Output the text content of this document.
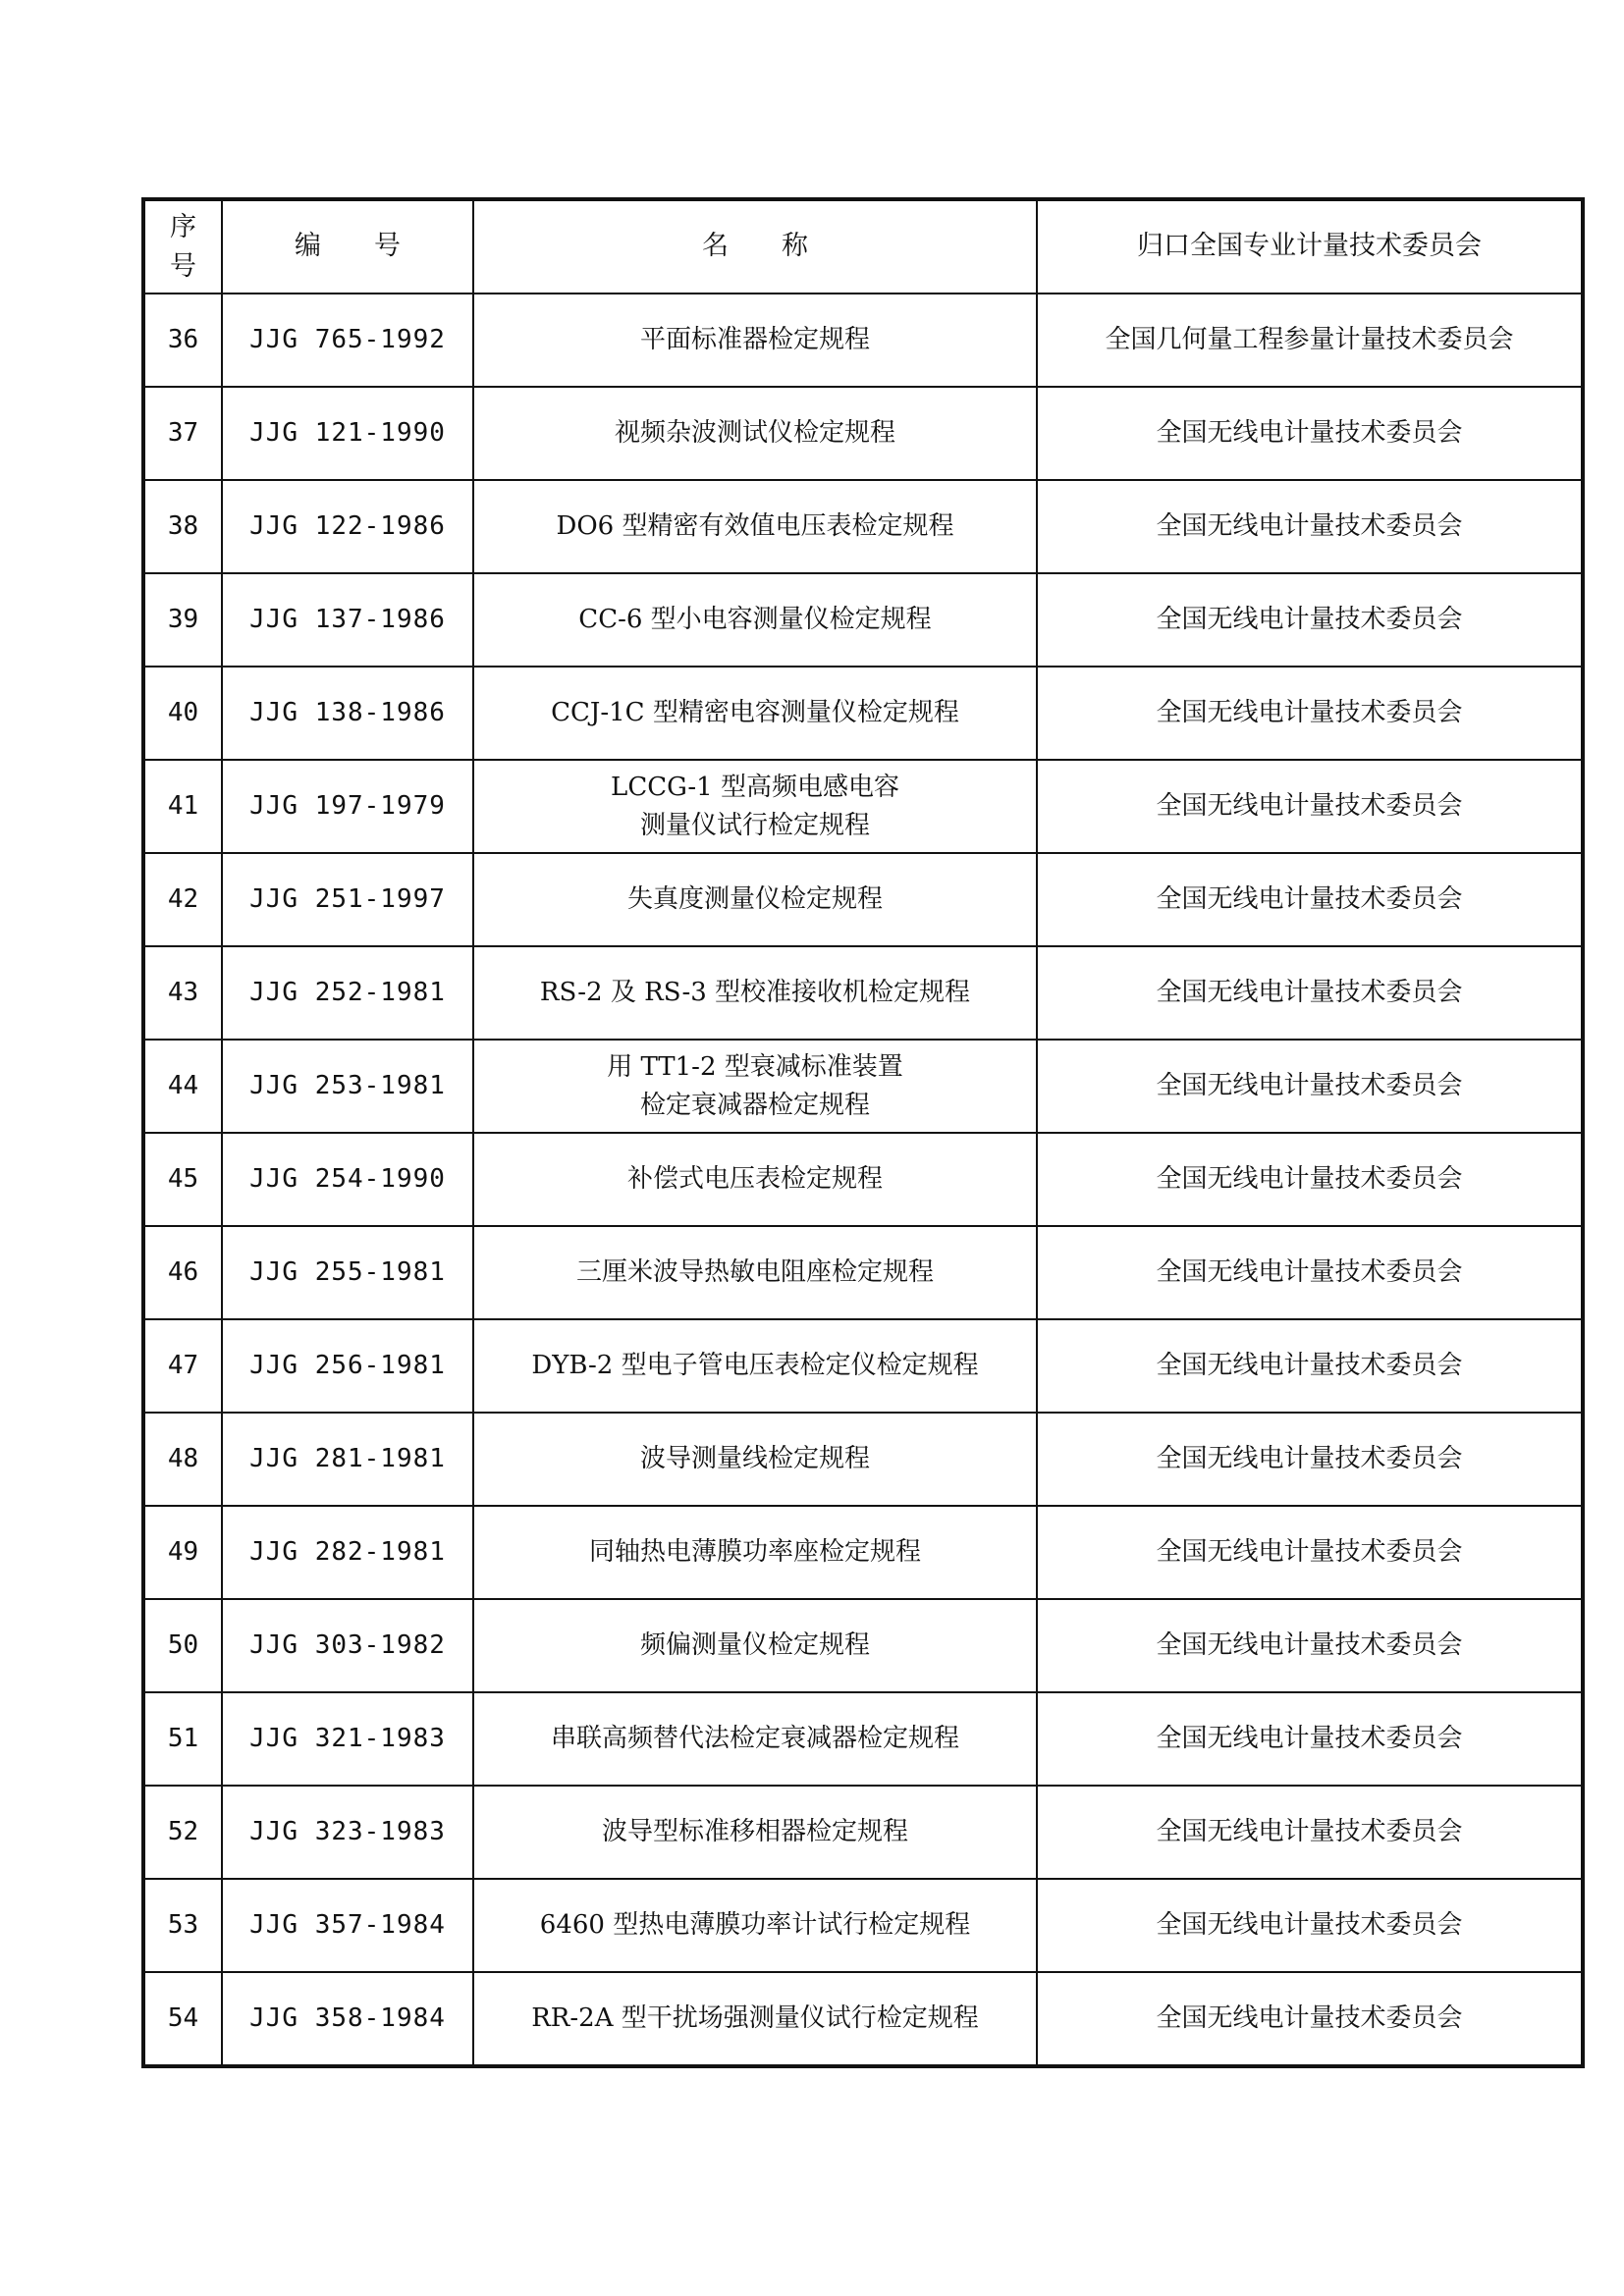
序
号	编　　号	名　　称	归口全国专业计量技术委员会
36	JJG 765-1992	平面标准器检定规程	全国几何量工程参量计量技术委员会
37	JJG 121-1990	视频杂波测试仪检定规程	全国无线电计量技术委员会
38	JJG 122-1986	DO6 型精密有效值电压表检定规程	全国无线电计量技术委员会
39	JJG 137-1986	CC-6 型小电容测量仪检定规程	全国无线电计量技术委员会
40	JJG 138-1986	CCJ-1C 型精密电容测量仪检定规程	全国无线电计量技术委员会
41	JJG 197-1979	LCCG-1 型高频电感电容
测量仪试行检定规程	全国无线电计量技术委员会
42	JJG 251-1997	失真度测量仪检定规程	全国无线电计量技术委员会
43	JJG 252-1981	RS-2 及 RS-3 型校准接收机检定规程	全国无线电计量技术委员会
44	JJG 253-1981	用 TT1-2 型衰减标准装置
检定衰减器检定规程	全国无线电计量技术委员会
45	JJG 254-1990	补偿式电压表检定规程	全国无线电计量技术委员会
46	JJG 255-1981	三厘米波导热敏电阻座检定规程	全国无线电计量技术委员会
47	JJG 256-1981	DYB-2 型电子管电压表检定仪检定规程	全国无线电计量技术委员会
48	JJG 281-1981	波导测量线检定规程	全国无线电计量技术委员会
49	JJG 282-1981	同轴热电薄膜功率座检定规程	全国无线电计量技术委员会
50	JJG 303-1982	频偏测量仪检定规程	全国无线电计量技术委员会
51	JJG 321-1983	串联高频替代法检定衰减器检定规程	全国无线电计量技术委员会
52	JJG 323-1983	波导型标准移相器检定规程	全国无线电计量技术委员会
53	JJG 357-1984	6460 型热电薄膜功率计试行检定规程	全国无线电计量技术委员会
54	JJG 358-1984	RR-2A 型干扰场强测量仪试行检定规程	全国无线电计量技术委员会
